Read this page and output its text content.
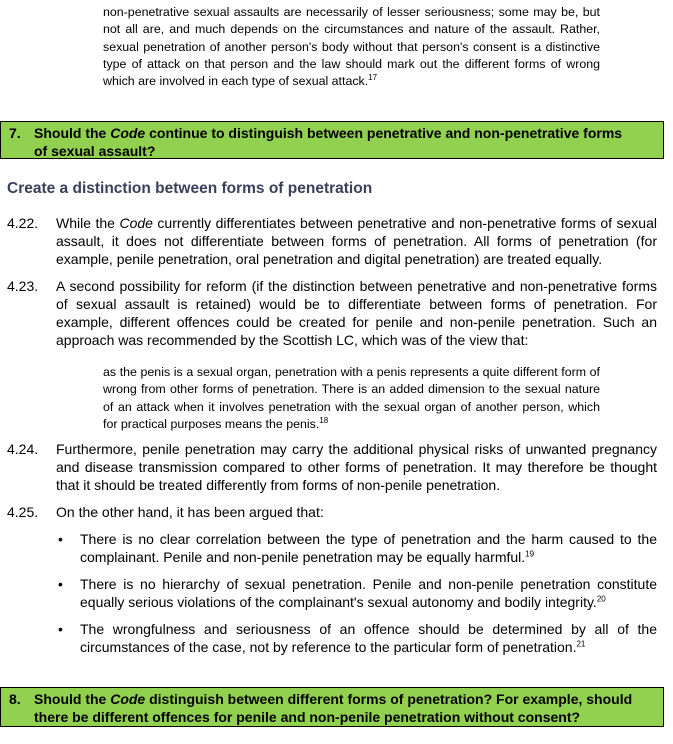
non-penetrative sexual assaults are necessarily of lesser seriousness; some may be, but not all are, and much depends on the circumstances and nature of the assault. Rather, sexual penetration of another person's body without that person's consent is a distinctive type of attack on that person and the law should mark out the different forms of wrong which are involved in each type of sexual attack.$^{17}$
7. Should the Code continue to distinguish between penetrative and non-penetrative forms
of sexual assault?
Create a distinction between forms of penetration
4.22.	While the Code currently differentiates between penetrative and non-penetrative forms of sexual assault, it does not differentiate between forms of penetration. All forms of penetration (for example, penile penetration, oral penetration and digital penetration) are treated equally.
4.23.	A second possibility for reform (if the distinction between penetrative and non-penetrative forms of sexual assault is retained) would be to differentiate between forms of penetration. For example, different offences could be created for penile and non-penile penetration. Such an approach was recommended by the Scottish LC, which was of the view that:
as the penis is a sexual organ, penetration with a penis represents a quite different form of wrong from other forms of penetration. There is an added dimension to the sexual nature of an attack when it involves penetration with the sexual organ of another person, which for practical purposes means the penis.$^{18}$
4.24.	Furthermore, penile penetration may carry the additional physical risks of unwanted pregnancy and disease transmission compared to other forms of penetration. It may therefore be thought that it should be treated differently from forms of non-penile penetration.
4.25.	On the other hand, it has been argued that:
• There is no clear correlation between the type of penetration and the harm caused to the complainant. Penile and non-penile penetration may be equally harmful.$^{19}$
• There is no hierarchy of sexual penetration. Penile and non-penile penetration constitute equally serious violations of the complainant's sexual autonomy and bodily integrity.$^{20}$
• The wrongfulness and seriousness of an offence should be determined by all of the circumstances of the case, not by reference to the particular form of penetration.$^{21}$
8. Should the Code distinguish between different forms of penetration? For example, should
there be different offences for penile and non-penile penetration without consent?
